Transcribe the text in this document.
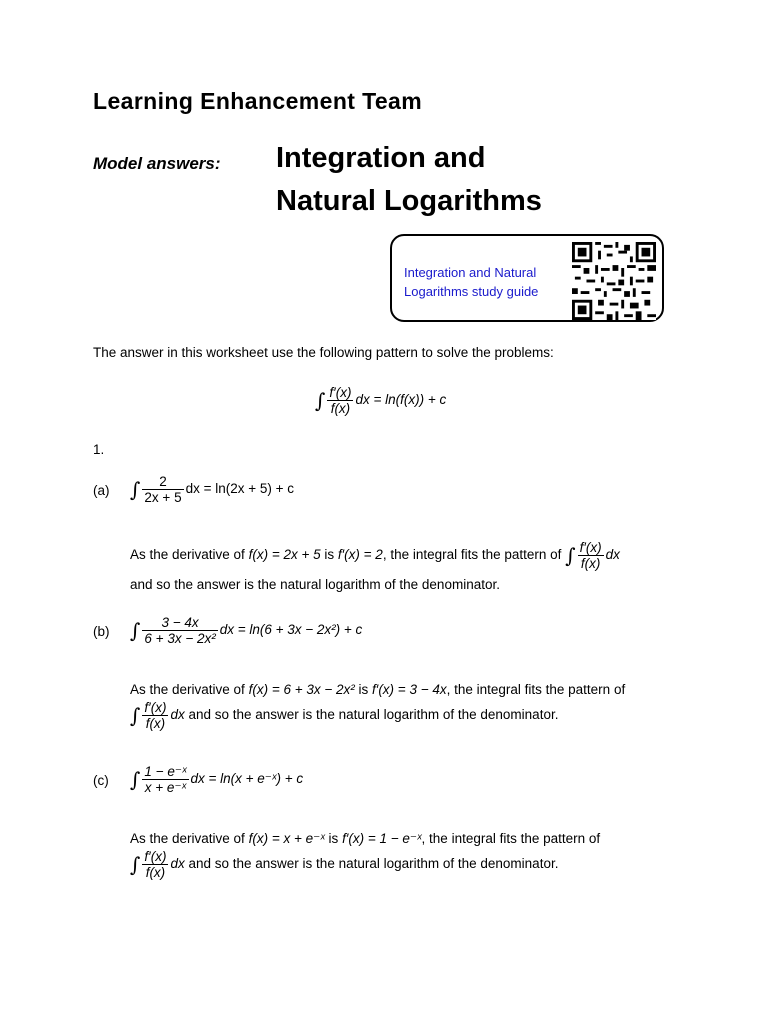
Learning Enhancement Team
Model answers: Integration and
Natural Logarithms
Integration and Natural
Logarithms study guide
The answer in this worksheet use the following pattern to solve the problems:
∫ $\frac{f'(x)}{f(x)}$ dx = ln(f(x)) + c
1.
(a) ∫ $\frac{2}{2x + 5}$ dx = ln(2x + 5) + c
As the derivative of f(x) = 2x + 5 is f′(x) = 2, the integral fits the pattern of ∫ $\frac{f'(x)}{f(x)}$ dx
and so the answer is the natural logarithm of the denominator.
(b) ∫ $\frac{3 - 4x}{\text{6 + 3x − 2x²}}$ dx = ln(6 + 3x − 2x²) + c
As the derivative of f(x) = 6 + 3x − 2x² is f′(x) = 3 − 4x, the integral fits the pattern of
∫ $\frac{f'(x)}{f(x)}$ dx and so the answer is the natural logarithm of the denominator.
(c) ∫ $\frac{\text{1 − e⁻ˣ}}{\text{x + e⁻ˣ}}$ dx = ln(x + e⁻ˣ) + c
As the derivative of f(x) = x + e⁻ˣ is f′(x) = 1 − e⁻ˣ, the integral fits the pattern of
∫ $\frac{f'(x)}{f(x)}$ dx and so the answer is the natural logarithm of the denominator.
